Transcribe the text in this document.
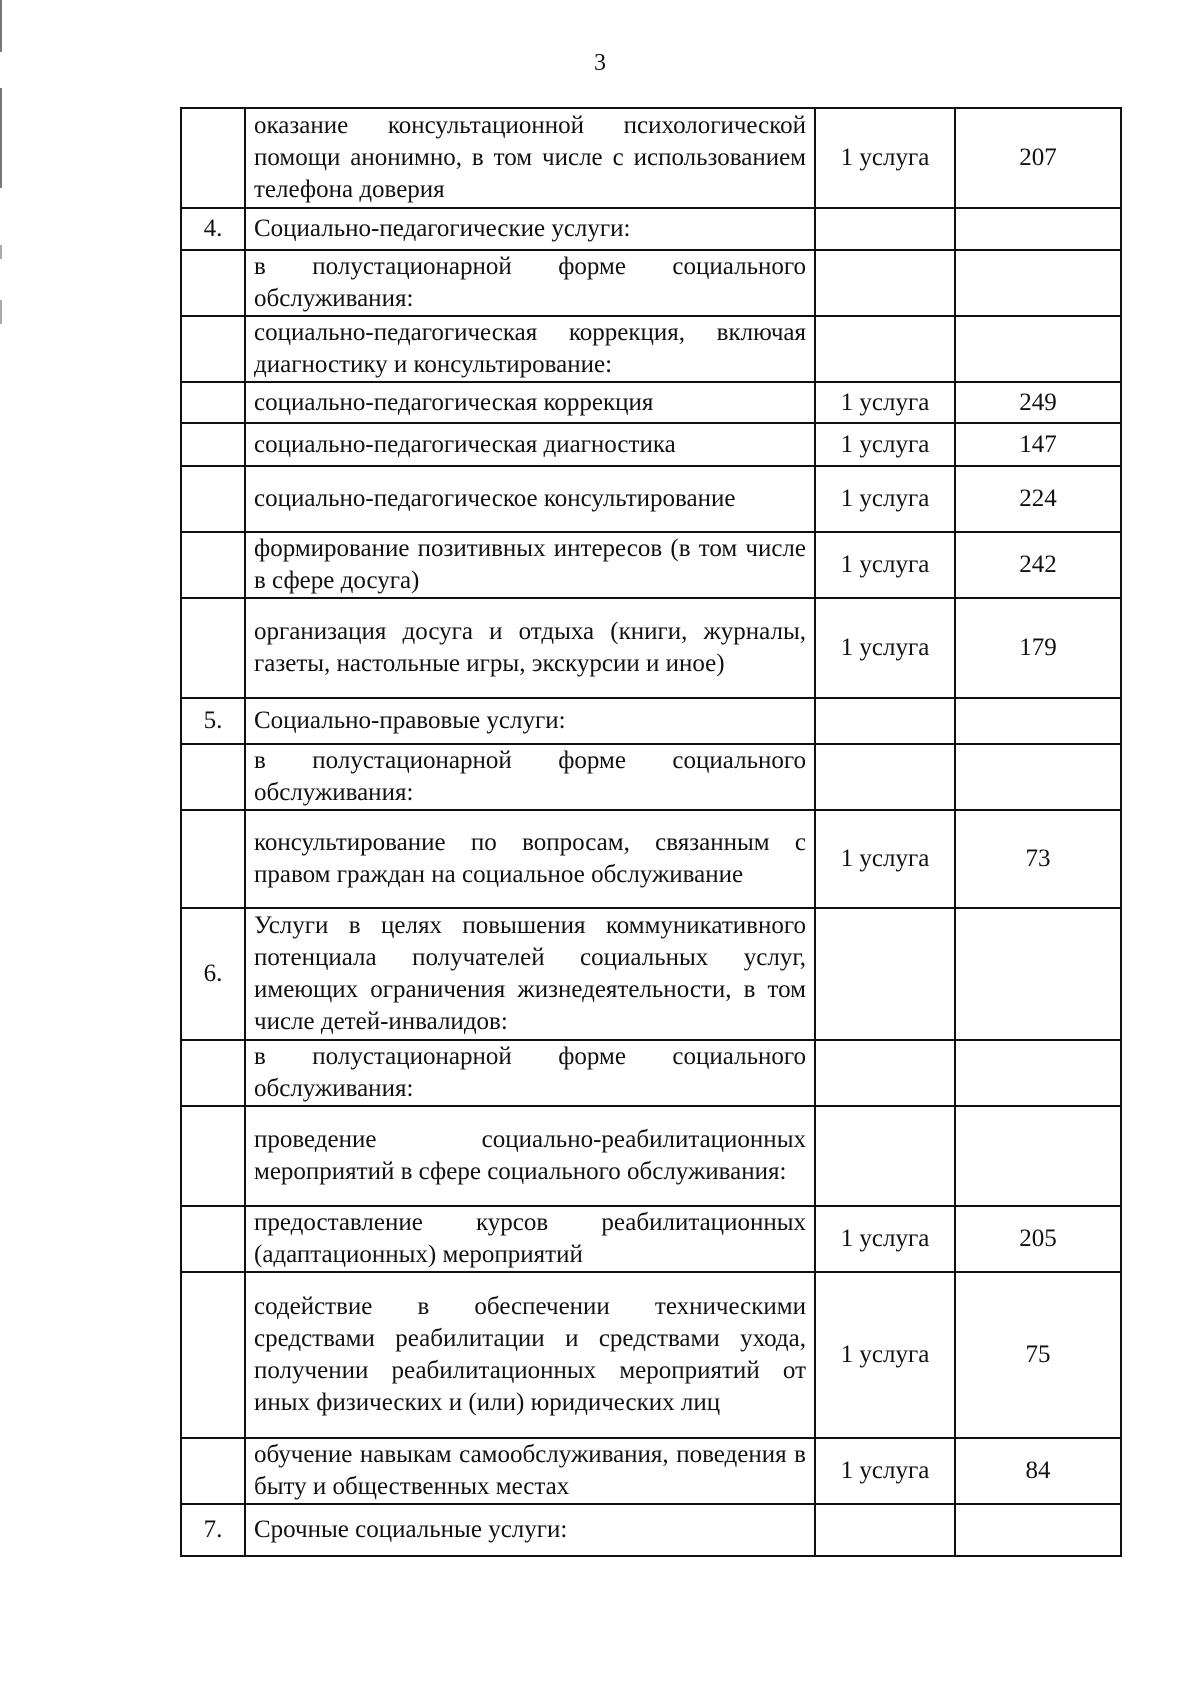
3
	оказание консультационной психологической помощи анонимно, в том числе с использованием телефона доверия	1 услуга	207
4.	Социально-педагогические услуги:		
	в полустационарной форме социального обслуживания:		
	социально-педагогическая коррекция, включая диагностику и консультирование:		
	социально-педагогическая коррекция	1 услуга	249
	социально-педагогическая диагностика	1 услуга	147
	социально-педагогическое консультирование	1 услуга	224
	формирование позитивных интересов (в том числе в сфере досуга)	1 услуга	242
	организация досуга и отдыха (книги, журналы, газеты, настольные игры, экскурсии и иное)	1 услуга	179
5.	Социально-правовые услуги:		
	в полустационарной форме социального обслуживания:		
	консультирование по вопросам, связанным с правом граждан на социальное обслуживание	1 услуга	73
6.	Услуги в целях повышения коммуникативного потенциала получателей социальных услуг, имеющих ограничения жизнедеятельности, в том числе детей-инвалидов:		
	в полустационарной форме социального обслуживания:		
	проведение социально-реабилитационных мероприятий в сфере социального обслуживания:		
	предоставление курсов реабилитационных (адаптационных) мероприятий	1 услуга	205
	содействие в обеспечении техническими средствами реабилитации и средствами ухода, получении реабилитационных мероприятий от иных физических и (или) юридических лиц	1 услуга	75
	обучение навыкам самообслуживания, поведения в быту и общественных местах	1 услуга	84
7.	Срочные социальные услуги:		
